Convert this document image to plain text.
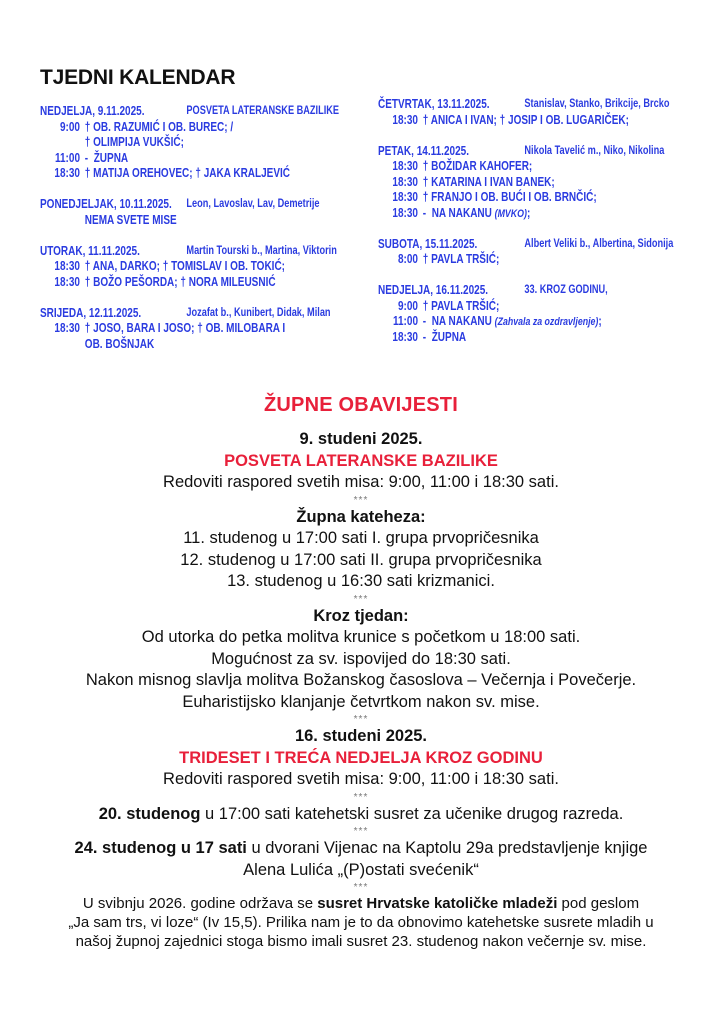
TJEDNI KALENDAR
NEDJELJA, 9.11.2025.	POSVETA LATERANSKE BAZILIKE
9:00 † OB. RAZUMIĆ I OB. BUREC; /
† OLIMPIJA VUKŠIĆ;
11:00 - ŽUPNA
18:30 † MATIJA OREHOVEC; † JAKA KRALJEVIĆ
PONEDJELJAK, 10.11.2025. Leon, Lavoslav, Lav, Demetrije
NEMA SVETE MISE
UTORAK, 11.11.2025.	Martin Tourski b., Martina, Viktorin
18:30 † ANA, DARKO; † TOMISLAV I OB. TOKIĆ;
18:30 † BOŽO PEŠORDA; † NORA MILEUSNIĆ
SRIJEDA, 12.11.2025.	Jozafat b., Kunibert, Didak, Milan
18:30 † JOSO, BARA I JOSO; † OB. MILOBARA I
OB. BOŠNJAK
ČETVRTAK, 13.11.2025.	Stanislav, Stanko, Brikcije, Brcko
18:30 † ANICA I IVAN; † JOSIP I OB. LUGARIČEK;
PETAK, 14.11.2025.	Nikola Tavelić m., Niko, Nikolina
18:30 † BOŽIDAR KAHOFER;
18:30 † KATARINA I IVAN BANEK;
18:30 † FRANJO I OB. BUĆI I OB. BRNČIĆ;
18:30 - NA NAKANU (MVKO);
SUBOTA, 15.11.2025.	Albert Veliki b., Albertina, Sidonija
8:00 † PAVLA TRŠIĆ;
NEDJELJA, 16.11.2025.	33. KROZ GODINU,
9:00 † PAVLA TRŠIĆ;
11:00 - NA NAKANU (Zahvala za ozdravljenje);
18:30 - ŽUPNA
ŽUPNE OBAVIJESTI
9. studeni 2025.
POSVETA LATERANSKE BAZILIKE
Redoviti raspored svetih misa: 9:00, 11:00 i 18:30 sati.
***
Župna kateheza:
11. studenog u 17:00 sati I. grupa prvopričesnika
12. studenog u 17:00 sati II. grupa prvopričesnika
13. studenog u 16:30 sati krizmanici.
***
Kroz tjedan:
Od utorka do petka molitva krunice s početkom u 18:00 sati.
Mogućnost za sv. ispovijed do 18:30 sati.
Nakon misnog slavlja molitva Božanskog časoslova – Večernja i Povečerje.
Euharistijsko klanjanje četvrtkom nakon sv. mise.
***
16. studeni 2025.
TRIDESET I TREĆA NEDJELJA KROZ GODINU
Redoviti raspored svetih misa: 9:00, 11:00 i 18:30 sati.
***
20. studenog u 17:00 sati katehetski susret za učenike drugog razreda.
***
24. studenog u 17 sati u dvorani Vijenac na Kaptolu 29a predstavljenje knjige
Alena Lulića „(P)ostati svećenik“
***
U svibnju 2026. godine održava se susret Hrvatske katoličke mladeži pod geslom
„Ja sam trs, vi loze“ (Iv 15,5). Prilika nam je to da obnovimo katehetske susrete mladih u
našoj župnoj zajednici stoga bismo imali susret 23. studenog nakon večernje sv. mise.
